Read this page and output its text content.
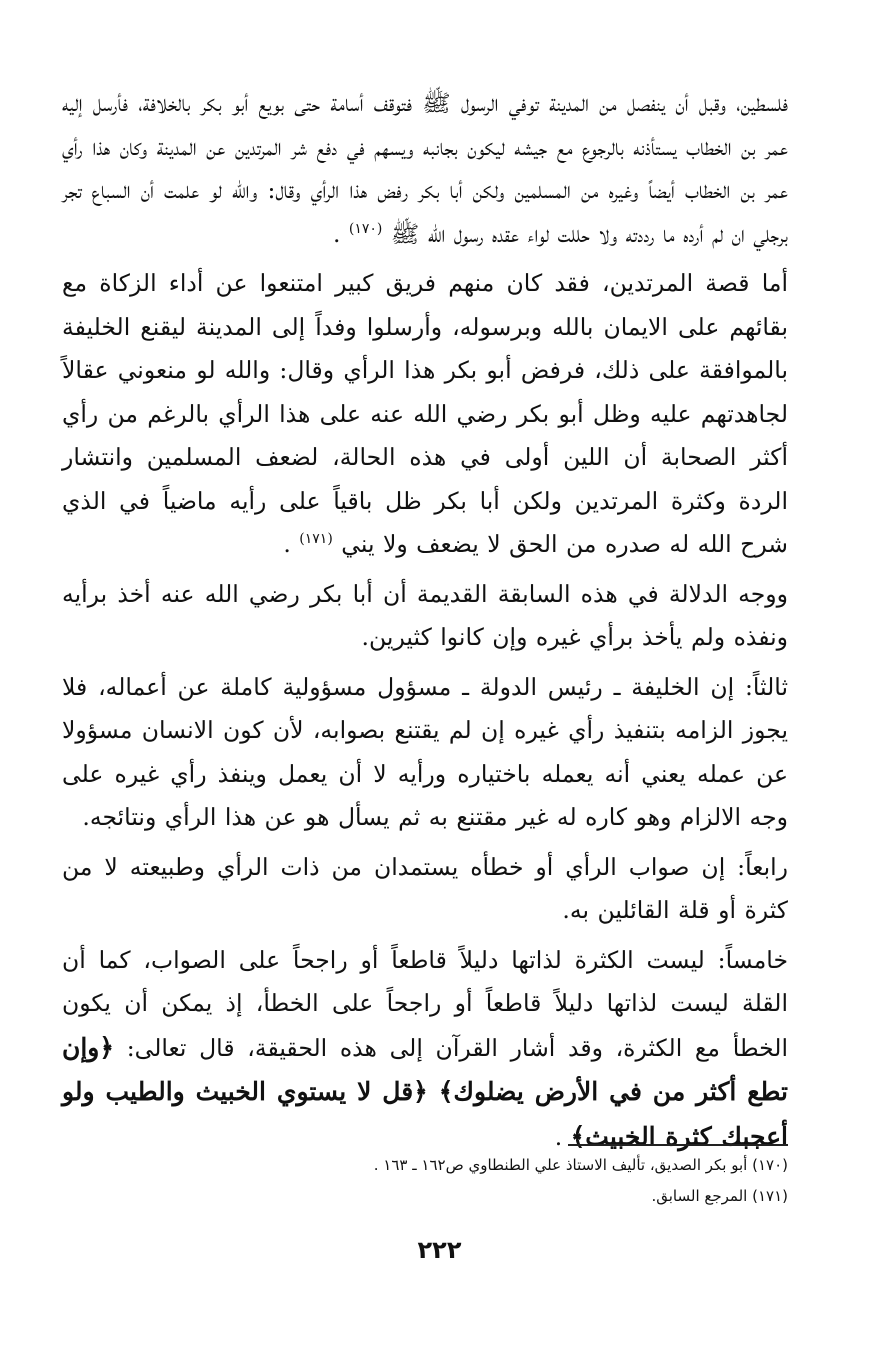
فلسطين، وقبل أن ينفصل من المدينة توفي الرسول ﷺ فتوقف أسامة حتى بويع أبو بكر بالخلافة، فأرسل إليه عمر بن الخطاب يستأذنه بالرجوع مع جيشه ليكون بجانبه ويسهم في دفع شر المرتدين عن المدينة وكان هذا رأي عمر بن الخطاب أيضاً وغيره من المسلمين ولكن أبا بكر رفض هذا الرأي وقال: والله لو علمت أن السباع تجر برجلي ان لم أرده ما رددته ولا حللت لواء عقده رسول الله ﷺ $^{(١٧٠)}$ .

أما قصة المرتدين، فقد كان منهم فريق كبير امتنعوا عن أداء الزكاة مع بقائهم على الايمان بالله وبرسوله، وأرسلوا وفداً إلى المدينة ليقنع الخليفة بالموافقة على ذلك، فرفض أبو بكر هذا الرأي وقال: والله لو منعوني عقالاً لجاهدتهم عليه وظل أبو بكر رضي الله عنه على هذا الرأي بالرغم من رأي أكثر الصحابة أن اللين أولى في هذه الحالة، لضعف المسلمين وانتشار الردة وكثرة المرتدين ولكن أبا بكر ظل باقياً على رأيه ماضياً في الذي شرح الله له صدره من الحق لا يضعف ولا يني $^{(١٧١)}$ .

ووجه الدلالة في هذه السابقة القديمة أن أبا بكر رضي الله عنه أخذ برأيه ونفذه ولم يأخذ برأي غيره وإن كانوا كثيرين.

ثالثاً: إن الخليفة ـ رئيس الدولة ـ مسؤول مسؤولية كاملة عن أعماله، فلا يجوز الزامه بتنفيذ رأي غيره إن لم يقتنع بصوابه، لأن كون الانسان مسؤولا عن عمله يعني أنه يعمله باختياره ورأيه لا أن يعمل وينفذ رأي غيره على وجه الالزام وهو كاره له غير مقتنع به ثم يسأل هو عن هذا الرأي ونتائجه.

رابعاً: إن صواب الرأي أو خطأه يستمدان من ذات الرأي وطبيعته لا من كثرة أو قلة القائلين به.

خامساً: ليست الكثرة لذاتها دليلاً قاطعاً أو راجحاً على الصواب، كما أن القلة ليست لذاتها دليلاً قاطعاً أو راجحاً على الخطأ، إذ يمكن أن يكون الخطأ مع الكثرة، وقد أشار القرآن إلى هذه الحقيقة، قال تعالى: ﴿وإن تطع أكثر من في الأرض يضلوك﴾ ﴿قل لا يستوي الخبيث والطيب ولو أعجبك كثرة الخبيث﴾ .

(١٧٠) أبو بكر الصديق، تأليف الاستاذ علي الطنطاوي ص١٦٢ ـ ١٦٣ .

(١٧١) المرجع السابق.

٢٢٢
